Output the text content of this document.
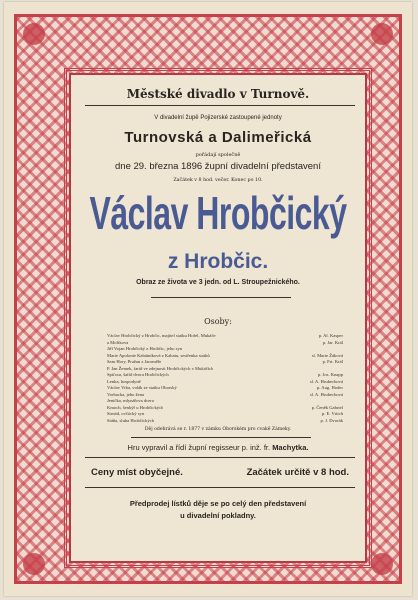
Městské divadlo v Turnově.
V divadelní župě Pojizerské zastoupené jednoty
Turnovská a Dalimeřická
pořádají společně
dne 29. března 1896 župní divadelní představení
Začátek v 8 hod. večer. Konec po 10.
Václav Hrobčický
z Hrobčic.
Obraz ze života ve 3 jedn. od L. Stroupežnického.
Osoby:
Václav Hrobčický z Hrobčic, majitel statku Hořel, Mukáče	p. Al. Kasper
a Mořikova	p. Jar. Král
Jiří Vojan Hrobčický z Hrobčic, jeho syn
Marie Apolonie Kabátníková z Kabatu, sestřenka statků	sl. Marie Žáková
Sam Hory, Pražan z Jaroměře	p. Frt. Král
P. Jan Žemek, farář ve zdejnosti Hrobčických v Mukáčích
Spiťour, šafář dvora Hrobčických	p. Jos. Knapp
Lenka, hospodyně	sl. A. Hrubechová
Václav Vrba, volák ze statku Oborský	p. Aug. Hoder
Vorbacka, jeho žena	sl. A. Hrubechová
Jenička, mlynářova dcera
Kmoch, šenkýř u Hrobčických	p. Čeněk Gabriel
Strnád, ovčácký syn	p. E. Vrtich
Stáňa, sluha Hrobčických	p. J. Dvorák
Děj odehrává se r. 1877 v zámku Oborském pro cvakě Zámeky.
Hru vypravil a řídí župní regisseur p. inž. fr. Machytka.
Ceny míst obyčejné.	Začátek určitě v 8 hod.
Předprodej lístků děje se po celý den představení
u divadelní pokladny.
